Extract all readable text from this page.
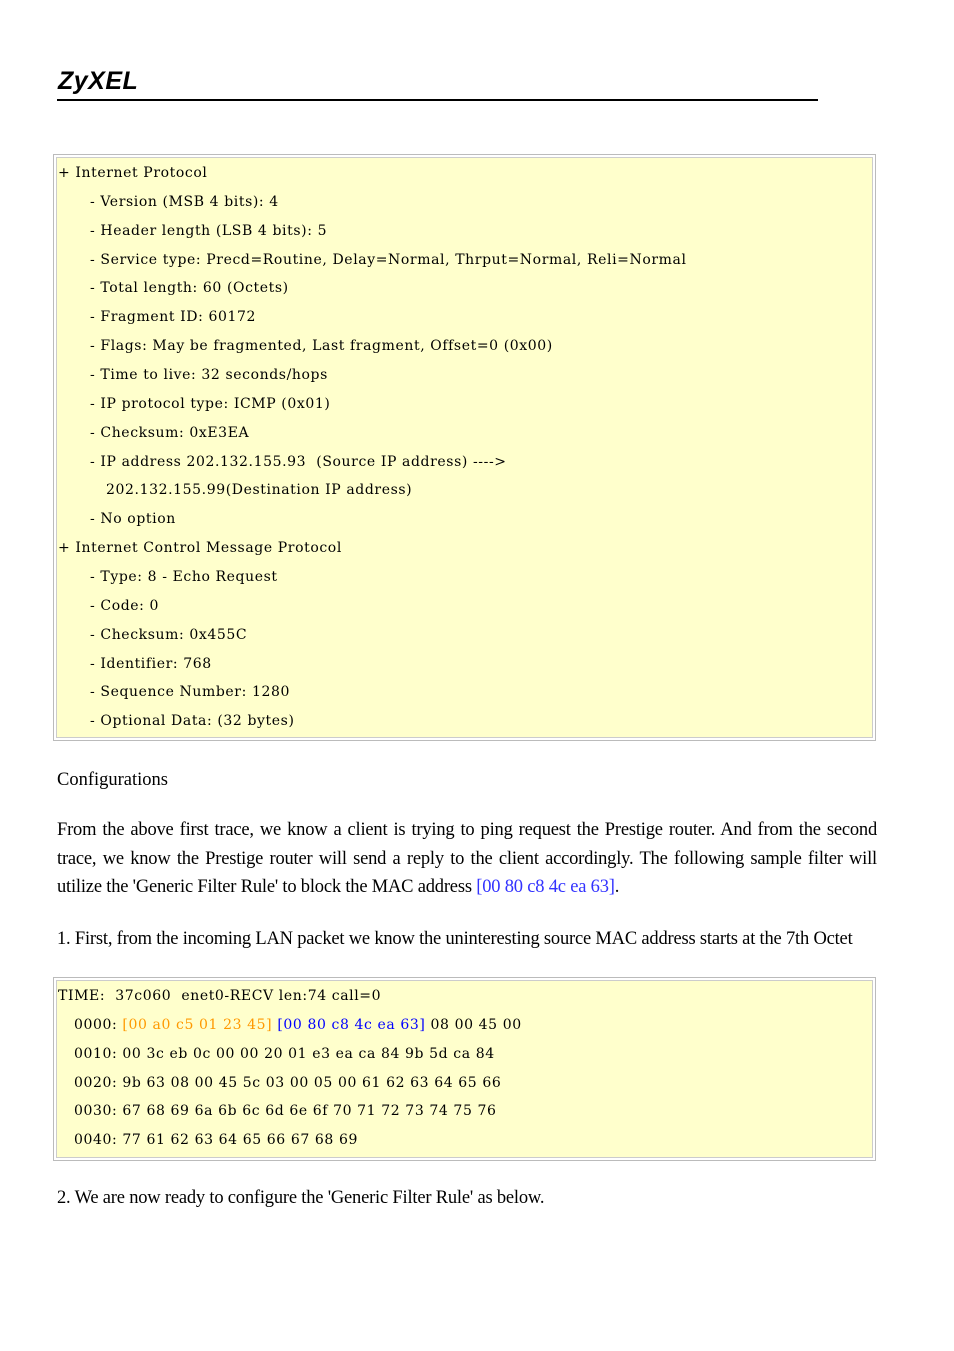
ZyXEL

+ Internet Protocol

- Version (MSB 4 bits): 4

- Header length (LSB 4 bits): 5

- Service type: Precd=Routine, Delay=Normal, Thrput=Normal, Reli=Normal

- Total length: 60 (Octets)

- Fragment ID: 60172

- Flags: May be fragmented, Last fragment, Offset=0 (0x00)

- Time to live: 32 seconds/hops

- IP protocol type: ICMP (0x01)

- Checksum: 0xE3EA

- IP address 202.132.155.93  (Source IP address) ---->

202.132.155.99(Destination IP address)

- No option

+ Internet Control Message Protocol

- Type: 8 - Echo Request

- Code: 0

- Checksum: 0x455C

- Identifier: 768

- Sequence Number: 1280

- Optional Data: (32 bytes)

Configurations
From the above first trace, we know a client is trying to ping request the Prestige router. And from the second trace, we know the Prestige router will send a reply to the client accordingly. The following sample filter will utilize the 'Generic Filter Rule' to block the MAC address [00 80 c8 4c ea 63].
1. First, from the incoming LAN packet we know the uninteresting source MAC address starts at the 7th Octet

TIME:  37c060  enet0-RECV len:74 call=0

0000: [00 a0 c5 01 23 45] [00 80 c8 4c ea 63] 08 00 45 00

0010: 00 3c eb 0c 00 00 20 01 e3 ea ca 84 9b 5d ca 84

0020: 9b 63 08 00 45 5c 03 00 05 00 61 62 63 64 65 66

0030: 67 68 69 6a 6b 6c 6d 6e 6f 70 71 72 73 74 75 76

0040: 77 61 62 63 64 65 66 67 68 69

2. We are now ready to configure the 'Generic Filter Rule' as below.
